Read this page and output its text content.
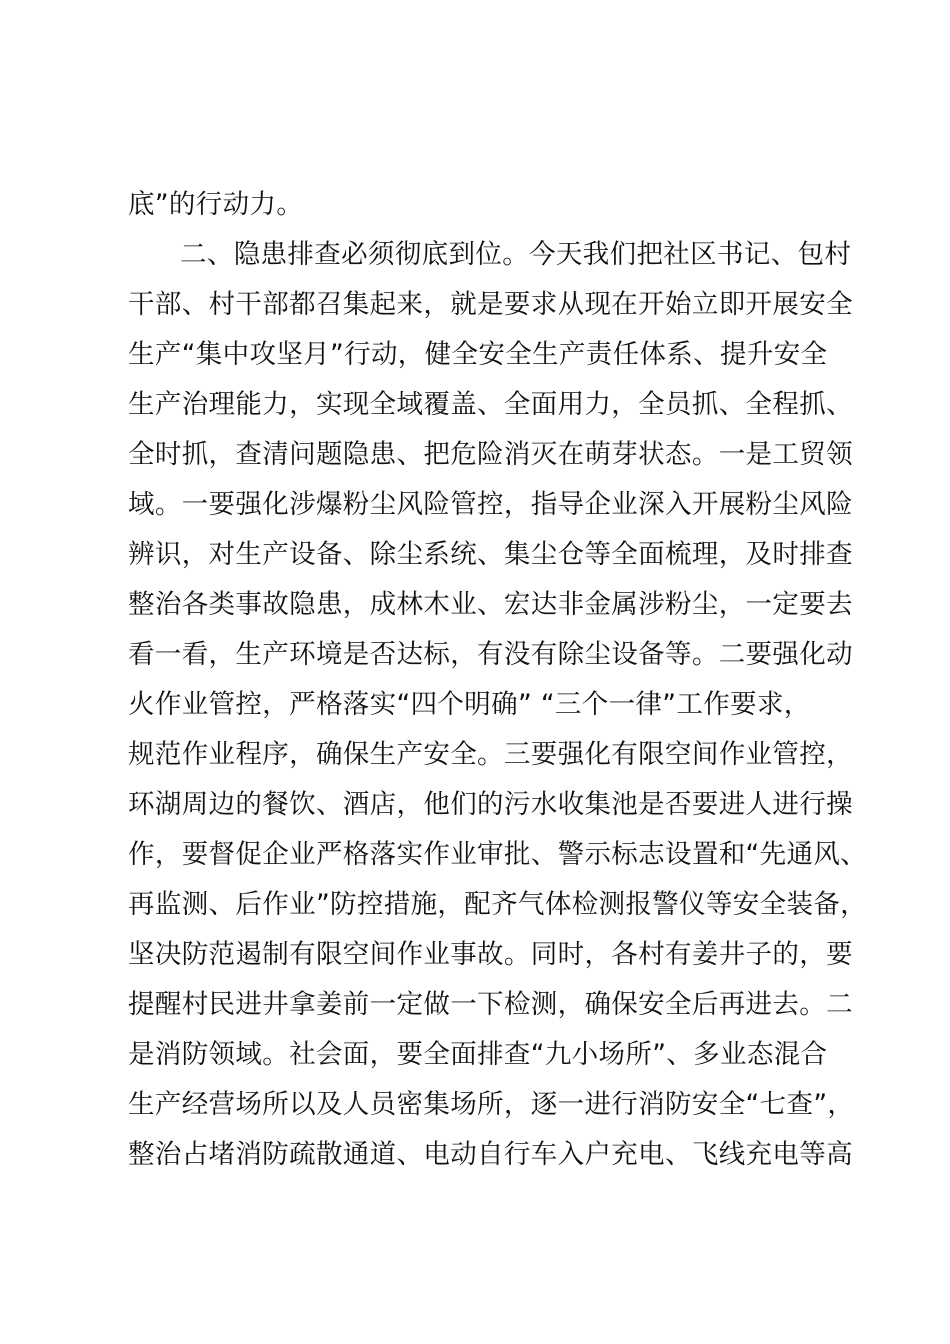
底”的行动力。
二、隐患排查必须彻底到位。今天我们把社区书记、包村
干部、村干部都召集起来，就是要求从现在开始立即开展安全
生产“集中攻坚月”行动，健全安全生产责任体系、提升安全
生产治理能力，实现全域覆盖、全面用力，全员抓、全程抓、
全时抓，查清问题隐患、把危险消灭在萌芽状态。一是工贸领
域。一要强化涉爆粉尘风险管控，指导企业深入开展粉尘风险
辨识，对生产设备、除尘系统、集尘仓等全面梳理，及时排查
整治各类事故隐患，成林木业、宏达非金属涉粉尘，一定要去
看一看，生产环境是否达标，有没有除尘设备等。二要强化动
火作业管控，严格落实“四个明确” “三个一律”工作要求，
规范作业程序，确保生产安全。三要强化有限空间作业管控，
环湖周边的餐饮、酒店，他们的污水收集池是否要进人进行操
作，要督促企业严格落实作业审批、警示标志设置和“先通风、
再监测、后作业”防控措施，配齐气体检测报警仪等安全装备，
坚决防范遏制有限空间作业事故。同时，各村有姜井子的，要
提醒村民进井拿姜前一定做一下检测，确保安全后再进去。二
是消防领域。社会面，要全面排查“九小场所”、多业态混合
生产经营场所以及人员密集场所，逐一进行消防安全“七查”，
整治占堵消防疏散通道、电动自行车入户充电、飞线充电等高
